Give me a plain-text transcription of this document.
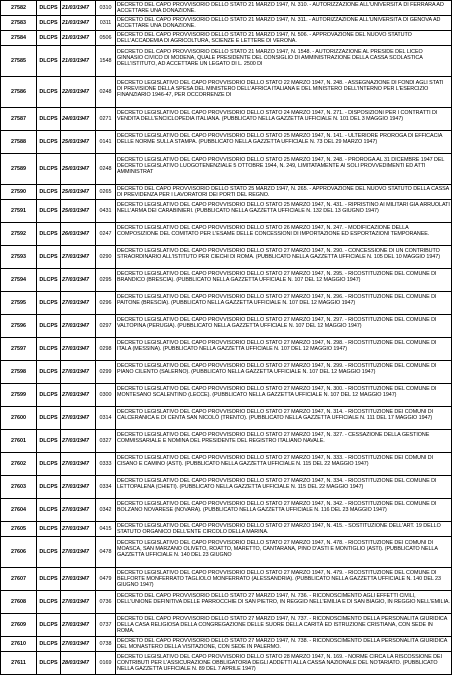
27582	DLCPS	21/03/1947	0310	DECRETO DEL CAPO PROVVISORIO DELLO STATO 21 MARZO 1947, N. 310. - AUTORIZZAZIONE ALL'UNIVERSITÀ DI FERRARA AD ACCETTARE UNA DONAZIONE.

27583	DLCPS	21/03/1947	0311	DECRETO DEL CAPO PROVVISORIO DELLO STATO 21 MARZO 1947, N. 311. - AUTORIZZAZIONE ALL'UNIVERSITÀ DI GENOVA AD ACCETTARE UNA DONAZIONE.

27584	DLCPS	21/03/1947	0506	DECRETO DEL CAPO PROVVISORIO DELLO STATO 21 MARZO 1947, N. 506. - APPROVAZIONE DEL NUOVO STATUTO DELL'ACCADEMIA DI AGRICOLTURA, SCIENZE E LETTERE DI VERONA.

27585	DLCPS	21/03/1947	1548	DECRETO DEL CAPO PROVVISORIO DELLO STATO 21 MARZO 1947, N. 1548. - AUTORIZZAZIONE AL PRESIDE DEL LICEO GINNASIO CIVICO DI MODENA, QUALE PRESIDENTE DEL CONSIGLIO DI AMMINISTRAZIONE DELLA CASSA SCOLASTICA DELL'ISTITUTO, AD ACCETTARE UN LEGATO DI L. 2500 DI

27586	DLCPS	22/03/1947	0248	DECRETO LEGISLATIVO DEL CAPO PROVVISORIO DELLO STATO 22 MARZO 1947, N. 248. - ASSEGNAZIONE DI FONDI AGLI STATI DI PREVISIONE DELLA SPESA DEL MINISTERO DELL'AFRICA ITALIANA E DEL MINISTERO DELL'INTERNO PER L'ESERCIZIO FINANZIARIO 1946-47, PER OCCORRENZE DI

27587	DLCPS	24/03/1947	0271	DECRETO LEGISLATIVO DEL CAPO PROVVISORIO DELLO STATO 24 MARZO 1947, N. 271. - DISPOSIZIONI PER I CONTRATTI DI VENDITA DELL'ENCICLOPEDIA ITALIANA. (PUBBLICATO NELLA GAZZETTA UFFICIALE N. 101 DEL 3 MAGGIO 1947)

27588	DLCPS	25/03/1947	0141	DECRETO LEGISLATIVO DEL CAPO PROVVISORIO DELLO STATO 25 MARZO 1947, N. 141. - ULTERIORE PROROGA DI EFFICACIA DELLE NORME SULLA STAMPA. (PUBBLICATO NELLA GAZZETTA UFFICIALE N. 73 DEL 29 MARZO 1947)

27589	DLCPS	25/03/1947	0248	DECRETO LEGISLATIVO DEL CAPO PROVVISORIO DELLO STATO 25 MARZO 1947, N. 248. - PROROGA AL 31 DICEMBRE 1947 DEL DECRETO LEGISLATIVO LUOGOTENENZIALE 5 OTTOBRE 1944, N. 249, LIMITATAMENTE AI SOLI PROVVEDIMENTI ED ATTI AMMINISTRAT

27590	DLCPS	25/03/1947	0265	DECRETO DEL CAPO PROVVISORIO DELLO STATO 25 MARZO 1947, N. 265. - APPROVAZIONE DEL NUOVO STATUTO DELLA CASSA DI PREVIDENZA PER I LAVORATORI DEI PORTI DEL REGNO.

27591	DLCPS	25/03/1947	0431	DECRETO LEGISLATIVO DEL CAPO PROVVISORIO DELLO STATO 25 MARZO 1947, N. 431. - RIPRISTINO AI MILITARI GIÀ ARRUOLATI NELL'ARMA DEI CARABINIERI. (PUBBLICATO NELLA GAZZETTA UFFICIALE N. 132 DEL 13 GIUGNO 1947)

27592	DLCPS	26/03/1947	0247	DECRETO LEGISLATIVO DEL CAPO PROVVISORIO DELLO STATO 26 MARZO 1947, N. 247. - MODIFICAZIONE DELLA COMPOSIZIONE DEL COMITATO PER L'ESAME DELLE CONCESSIONI DI IMPORTAZIONE ED ESPORTAZIONI TEMPORANEE.

27593	DLCPS	27/03/1947	0290	DECRETO LEGISLATIVO DEL CAPO PROVVISORIO DELLO STATO 27 MARZO 1947, N. 290. - CONCESSIONE DI UN CONTRIBUTO STRAORDINARIO ALL'ISTITUTO PER CIECHI DI ROMA. (PUBBLICATO NELLA GAZZETTA UFFICIALE N. 105 DEL 10 MAGGIO 1947)

27594	DLCPS	27/03/1947	0295	DECRETO LEGISLATIVO DEL CAPO PROVVISORIO DELLO STATO 27 MARZO 1947, N. 295. - RICOSTITUZIONE DEL COMUNE DI BRANDICO (BRESCIA). (PUBBLICATO NELLA GAZZETTA UFFICIALE N. 107 DEL 12 MAGGIO 1947)

27595	DLCPS	27/03/1947	0296	DECRETO LEGISLATIVO DEL CAPO PROVVISORIO DELLO STATO 27 MARZO 1947, N. 296. - RICOSTITUZIONE DEL COMUNE DI PAITONE (BRESCIA). (PUBBLICATO NELLA GAZZETTA UFFICIALE N. 107 DEL 12 MAGGIO 1947)

27596	DLCPS	27/03/1947	0297	DECRETO LEGISLATIVO DEL CAPO PROVVISORIO DELLO STATO 27 MARZO 1947, N. 297. - RICOSTITUZIONE DEL COMUNE DI VALTOPINA (PERUGIA). (PUBBLICATO NELLA GAZZETTA UFFICIALE N. 107 DEL 12 MAGGIO 1947)

27597	DLCPS	27/03/1947	0298	DECRETO LEGISLATIVO DEL CAPO PROVVISORIO DELLO STATO 27 MARZO 1947, N. 298. - RICOSTITUZIONE DEL COMUNE DI ITALA (MESSINA). (PUBBLICATO NELLA GAZZETTA UFFICIALE N. 107 DEL 12 MAGGIO 1947)

27598	DLCPS	27/03/1947	0299	DECRETO LEGISLATIVO DEL CAPO PROVVISORIO DELLO STATO 27 MARZO 1947, N. 299. - RICOSTITUZIONE DEL COMUNE DI PIANO CILENTO (SALERNO). (PUBBLICATO NELLA GAZZETTA UFFICIALE N. 107 DEL 12 MAGGIO 1947)

27599	DLCPS	27/03/1947	0300	DECRETO LEGISLATIVO DEL CAPO PROVVISORIO DELLO STATO 27 MARZO 1947, N. 300. - RICOSTITUZIONE DEL COMUNE DI MONTESANO SCALENTINO (LECCE). (PUBBLICATO NELLA GAZZETTA UFFICIALE N. 107 DEL 12 MAGGIO 1947)

27600	DLCPS	27/03/1947	0314	DECRETO LEGISLATIVO DEL CAPO PROVVISORIO DELLO STATO 27 MARZO 1947, N. 314. - RICOSTITUZIONE DEI COMUNI DI CALCERANICA E DI CENTA SAN NICOLÒ (TRENTO). (PUBBLICATO NELLA GAZZETTA UFFICIALE N. 111 DEL 17 MAGGIO 1947)

27601	DLCPS	27/03/1947	0327	DECRETO LEGISLATIVO DEL CAPO PROVVISORIO DELLO STATO 27 MARZO 1947, N. 327. - CESSAZIONE DELLA GESTIONE COMMISSARIALE E NOMINA DEL PRESIDENTE DEL REGISTRO ITALIANO NAVALE.

27602	DLCPS	27/03/1947	0333	DECRETO LEGISLATIVO DEL CAPO PROVVISORIO DELLO STATO 27 MARZO 1947, N. 333. - RICOSTITUZIONE DEI COMUNI DI CISANO E CAMINO (ASTI). (PUBBLICATO NELLA GAZZETTA UFFICIALE N. 115 DEL 22 MAGGIO 1947)

27603	DLCPS	27/03/1947	0334	DECRETO LEGISLATIVO DEL CAPO PROVVISORIO DELLO STATO 27 MARZO 1947, N. 334. - RICOSTITUZIONE DEL COMUNE DI LETTOPALENA (CHIETI). (PUBBLICATO NELLA GAZZETTA UFFICIALE N. 115 DEL 22 MAGGIO 1947)

27604	DLCPS	27/03/1947	0342	DECRETO LEGISLATIVO DEL CAPO PROVVISORIO DELLO STATO 27 MARZO 1947, N. 342. - RICOSTITUZIONE DEL COMUNE DI BOLZANO NOVARESE (NOVARA). (PUBBLICATO NELLA GAZZETTA UFFICIALE N. 116 DEL 23 MAGGIO 1947)

27605	DLCPS	27/03/1947	0415	DECRETO LEGISLATIVO DEL CAPO PROVVISORIO DELLO STATO 27 MARZO 1947, N. 415. - SOSTITUZIONE DELL'ART. 19 DELLO STATUTO ORGANICO DELL'ENTE CIRCOLO DELLA MARINA.

27606	DLCPS	27/03/1947	0478	DECRETO LEGISLATIVO DEL CAPO PROVVISORIO DELLO STATO 27 MARZO 1947, N. 478. - RICOSTITUZIONE DEI COMUNI DI MOASCA, SAN MARZANO OLIVETO, ROATTO, MARETTO, CANTARANA, PINO D'ASTI E MONTIGLIO (ASTI). (PUBBLICATO NELLA GAZZETTA UFFICIALE N. 140 DEL 23 GIUGNO

27607	DLCPS	27/03/1947	0479	DECRETO LEGISLATIVO DEL CAPO PROVVISORIO DELLO STATO 27 MARZO 1947, N. 479. - RICOSTITUZIONE DEL COMUNE DI BELFORTE MONFERRATO TAGLIOLO MONFERRATO (ALESSANDRIA). (PUBBLICATO NELLA GAZZETTA UFFICIALE N. 140 DEL 23 GIUGNO 1947)

27608	DLCPS	27/03/1947	0736	DECRETO DEL CAPO PROVVISORIO DELLO STATO 27 MARZO 1947, N. 736. - RICONOSCIMENTO AGLI EFFETTI CIVILI, DELL'UNIONE DEFINITIVA DELLE PARROCCHIE DI SAN PIETRO, IN REGGIO NELL'EMILIA E DI SAN BIAGIO, IN REGGIO NELL'EMILIA.

27609	DLCPS	27/03/1947	0737	DECRETO DEL CAPO PROVVISORIO DELLO STATO 27 MARZO 1947, N. 737. - RICONOSCIMENTO DELLA PERSONALITÀ GIURIDICA DELLA CASA RELIGIOSA DELLA CONGREGAZIONE DELLE SUORE DELLA CARITÀ ED ISTRUZIONE CRISTIANA, CON SEDE IN ROMA.

27610	DLCPS	27/03/1947	0738	DECRETO DEL CAPO PROVVISORIO DELLO STATO 27 MARZO 1947, N. 738. - RICONOSCIMENTO DELLA PERSONALITÀ GIURIDICA DEL MONASTERO DELLA VISITAZIONE, CON SEDE IN PALERMO.

27611	DLCPS	28/03/1947	0169	DECRETO LEGISLATIVO DEL CAPO PROVVISORIO DELLO STATO 28 MARZO 1947, N. 169. - NORME CIRCA LA RISCOSSIONE DEI CONTRIBUTI PER L'ASSICURAZIONE OBBLIGATORIA DEGLI ADDETTI ALLA CASSA NAZIONALE DEL NOTARIATO. (PUBBLICATO NELLA GAZZETTA UFFICIALE N. 89 DEL 7 APRILE 1947)
